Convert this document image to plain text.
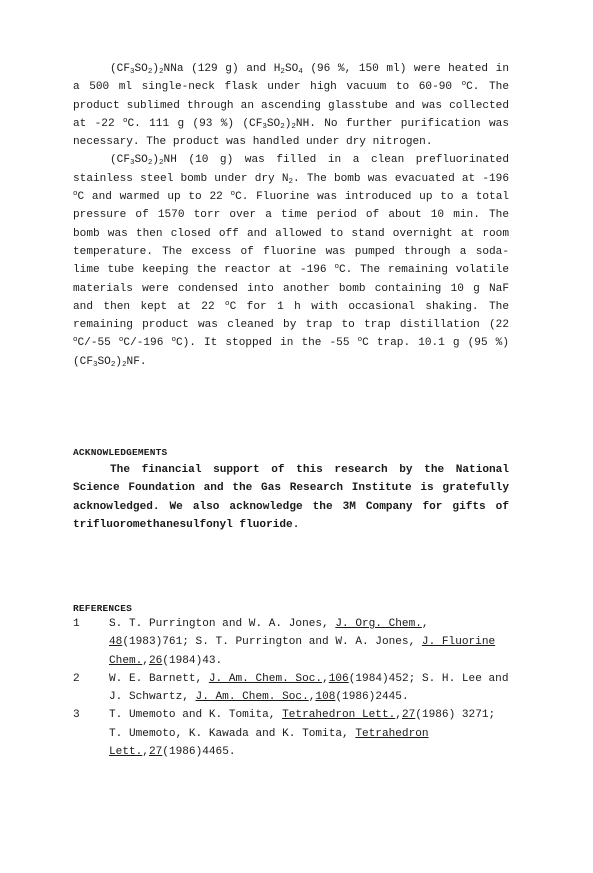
$(CF_3SO_2)_2NNa$ (129 g) and $H_2SO_4$ (96 %, 150 ml) were heated in a 500 ml single-neck flask under high vacuum to 60-90 $^o$C. The product sublimed through an ascending glasstube and was collected at -22 $^o$C. 111 g (93 %) $(CF_3SO_2)_2NH$. No further purification was necessary. The product was handled under dry nitrogen.

$(CF_3SO_2)_2NH$ (10 g) was filled in a clean prefluorinated stainless steel bomb under dry $N_2$. The bomb was evacuated at -196 $^o$C and warmed up to 22 $^o$C. Fluorine was introduced up to a total pressure of 1570 torr over a time period of about 10 min. The bomb was then closed off and allowed to stand overnight at room temperature. The excess of fluorine was pumped through a soda-lime tube keeping the reactor at -196 $^o$C. The remaining volatile materials were condensed into another bomb containing 10 g NaF and then kept at 22 $^o$C for 1 h with occasional shaking. The remaining product was cleaned by trap to trap distillation (22 $^o$C/-55 $^o$C/-196 $^o$C). It stopped in the -55 $^o$C trap. 10.1 g (95 %) $(CF_3SO_2)_2NF$.

ACKNOWLEDGEMENTS

The financial support of this research by the National Science Foundation and the Gas Research Institute is gratefully acknowledged. We also acknowledge the 3M Company for gifts of trifluoromethanesulfonyl fluoride.

REFERENCES
1	S. T. Purrington and W. A. Jones, J. Org. Chem., 48(1983)761; S. T. Purrington and W. A. Jones, J. Fluorine Chem.,26(1984)43.
2	W. E. Barnett, J. Am. Chem. Soc.,106(1984)452; S. H. Lee and J. Schwartz, J. Am. Chem. Soc.,108(1986)2445.
3	T. Umemoto and K. Tomita, Tetrahedron Lett.,27(1986) 3271; T. Umemoto, K. Kawada and K. Tomita, Tetrahedron Lett.,27(1986)4465.
